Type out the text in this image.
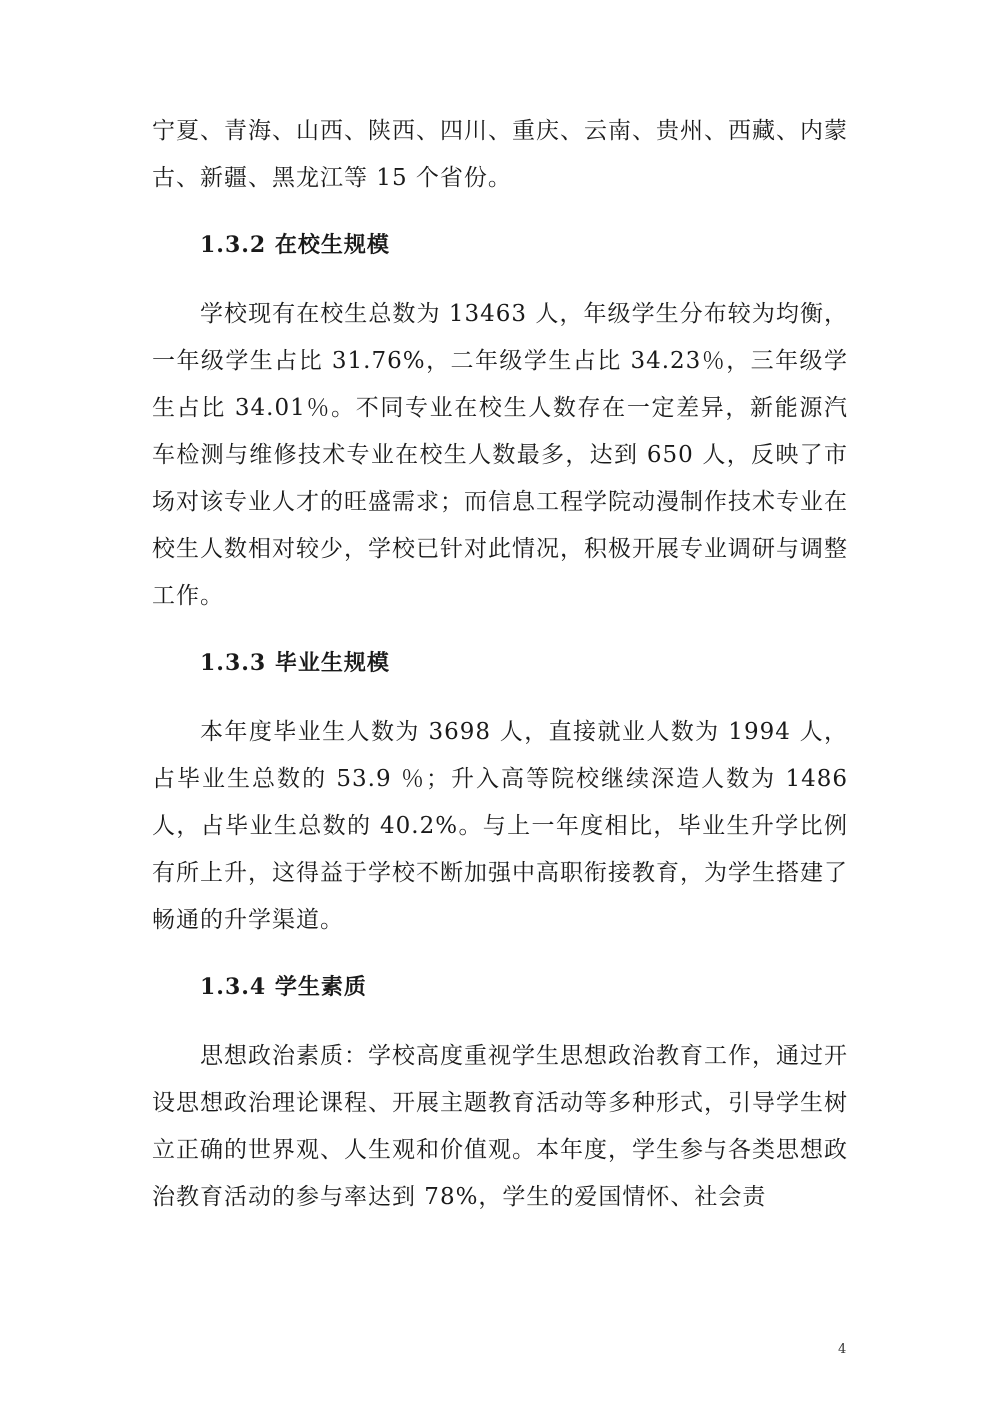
宁夏、青海、山西、陕西、四川、重庆、云南、贵州、西藏、内蒙古、新疆、黑龙江等 15 个省份。

1.3.2 在校生规模

学校现有在校生总数为 13463 人，年级学生分布较为均衡，一年级学生占比 31.76%，二年级学生占比 34.23％，三年级学生占比 34.01％。不同专业在校生人数存在一定差异，新能源汽车检测与维修技术专业在校生人数最多，达到 650 人，反映了市场对该专业人才的旺盛需求；而信息工程学院动漫制作技术专业在校生人数相对较少，学校已针对此情况，积极开展专业调研与调整工作。

1.3.3 毕业生规模

本年度毕业生人数为 3698 人，直接就业人数为 1994 人，占毕业生总数的 53.9 ％；升入高等院校继续深造人数为 1486 人，占毕业生总数的 40.2%。与上一年度相比，毕业生升学比例有所上升，这得益于学校不断加强中高职衔接教育，为学生搭建了畅通的升学渠道。

1.3.4 学生素质

思想政治素质：学校高度重视学生思想政治教育工作，通过开设思想政治理论课程、开展主题教育活动等多种形式，引导学生树立正确的世界观、人生观和价值观。本年度，学生参与各类思想政治教育活动的参与率达到 78%，学生的爱国情怀、社会责

4
